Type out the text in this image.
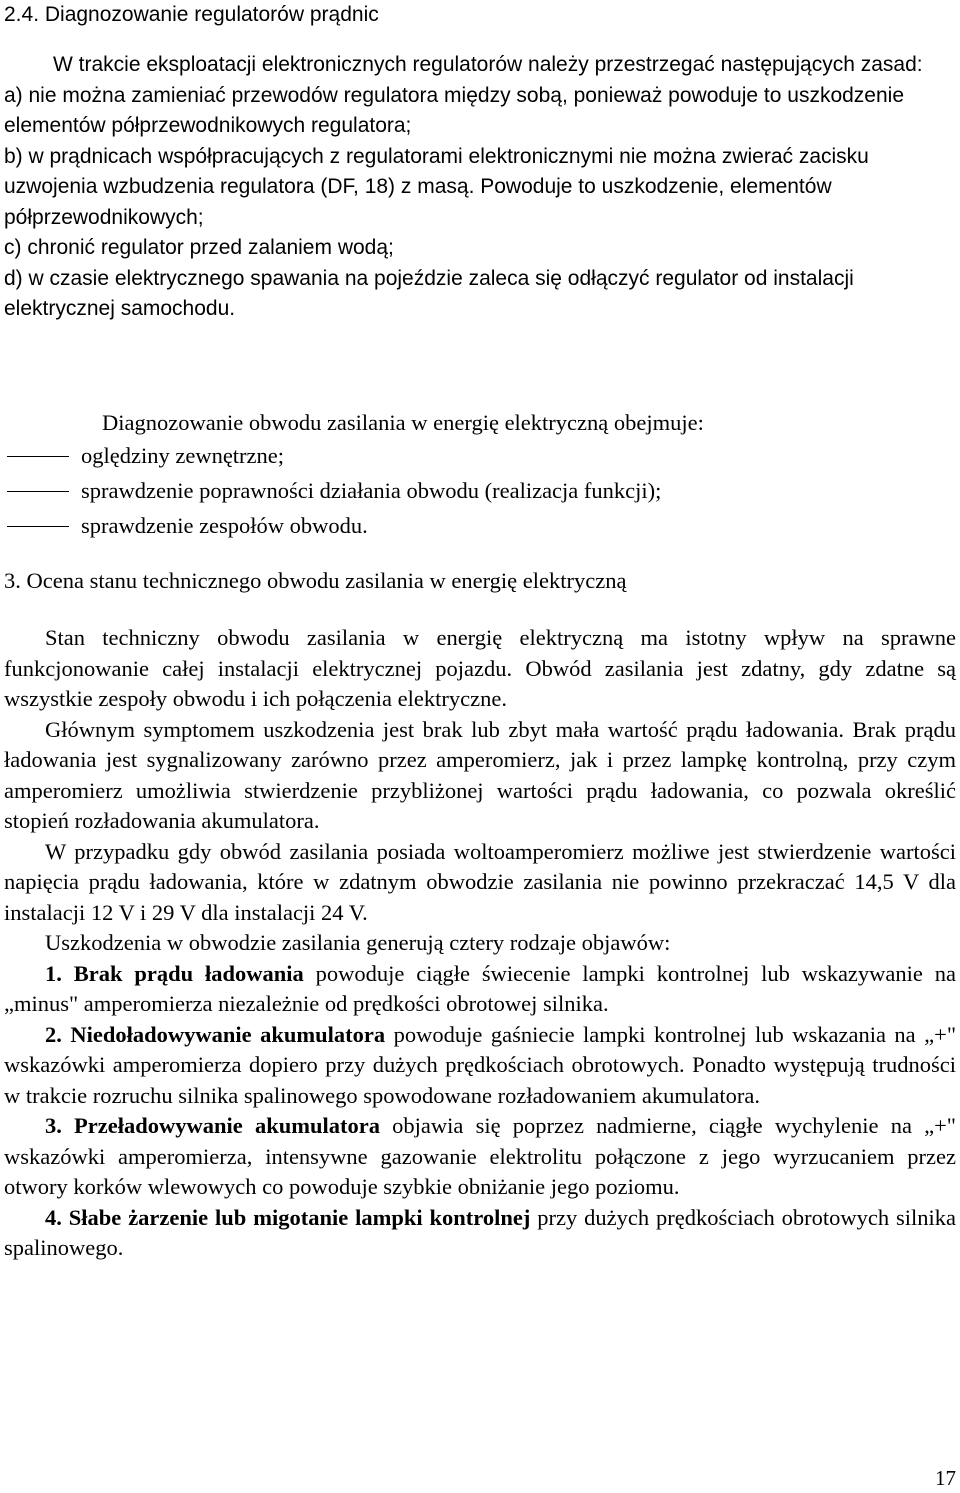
2.4. Diagnozowanie regulatorów prądnic

W trakcie eksploatacji elektronicznych regulatorów należy przestrzegać następujących zasad:

a) nie można zamieniać przewodów regulatora między sobą, ponieważ powoduje to uszkodzenie elementów półprzewodnikowych regulatora;

b) w prądnicach współpracujących z regulatorami elektronicznymi nie można zwierać zacisku uzwojenia wzbudzenia regulatora (DF, 18) z masą. Powoduje to uszkodzenie, elementów półprzewodnikowych;

c) chronić regulator przed zalaniem wodą;

d) w czasie elektrycznego spawania na pojeździe zaleca się odłączyć regulator od instalacji elektrycznej samochodu.

Diagnozowanie obwodu zasilania w energię elektryczną obejmuje:

oględziny zewnętrzne;
sprawdzenie poprawności działania obwodu (realizacja funkcji);
sprawdzenie zespołów obwodu.
3. Ocena stanu technicznego obwodu zasilania w energię elektryczną

Stan techniczny obwodu zasilania w energię elektryczną ma istotny wpływ na sprawne funkcjonowanie całej instalacji elektrycznej pojazdu. Obwód zasilania jest zdatny, gdy zdatne są wszystkie zespoły obwodu i ich połączenia elektryczne.

Głównym symptomem uszkodzenia jest brak lub zbyt mała wartość prądu ładowania. Brak prądu ładowania jest sygnalizowany zarówno przez amperomierz, jak i przez lampkę kontrolną, przy czym amperomierz umożliwia stwierdzenie przybliżonej wartości prądu ładowania, co pozwala określić stopień rozładowania akumulatora.

W przypadku gdy obwód zasilania posiada woltoamperomierz możliwe jest stwierdzenie wartości napięcia prądu ładowania, które w zdatnym obwodzie zasilania nie powinno przekraczać 14,5 V dla instalacji 12 V i 29 V dla instalacji 24 V.

Uszkodzenia w obwodzie zasilania generują cztery rodzaje objawów:

1. Brak prądu ładowania powoduje ciągłe świecenie lampki kontrolnej lub wskazywanie na „minus" amperomierza niezależnie od prędkości obrotowej silnika.

2. Niedoładowywanie akumulatora powoduje gaśniecie lampki kontrolnej lub wskazania na „+" wskazówki amperomierza dopiero przy dużych prędkościach obrotowych. Ponadto występują trudności w trakcie rozruchu silnika spalinowego spowodowane rozładowaniem akumulatora.

3. Przeładowywanie akumulatora objawia się poprzez nadmierne, ciągłe wychylenie na „+" wskazówki amperomierza, intensywne gazowanie elektrolitu połączone z jego wyrzucaniem przez otwory korków wlewowych co powoduje szybkie obniżanie jego poziomu.

4. Słabe żarzenie lub migotanie lampki kontrolnej przy dużych prędkościach obrotowych silnika spalinowego.

17
